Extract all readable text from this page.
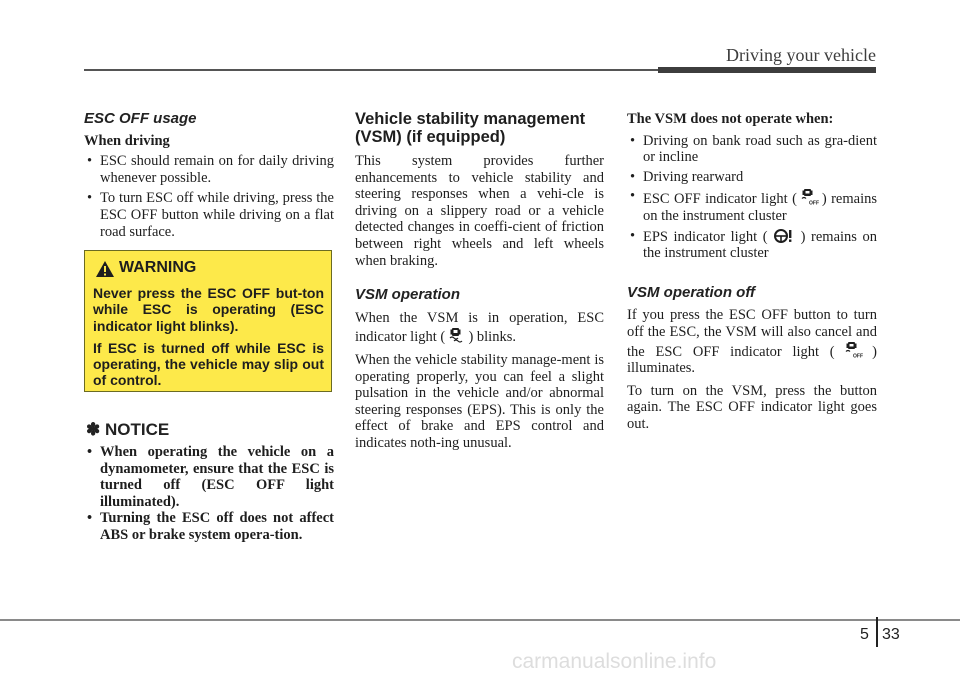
Driving your vehicle
ESC OFF usage
When driving
• ESC should remain on for daily driving whenever possible.
• To turn ESC off while driving, press the ESC OFF button while driving on a flat road surface.
WARNING

Never press the ESC OFF but-ton while ESC is operating (ESC indicator light blinks).

If ESC is turned off while ESC is operating, the vehicle may slip out of control.

✽ NOTICE
• When operating the vehicle on a dynamometer, ensure that the ESC is turned off (ESC OFF light illuminated).
• Turning the ESC off does not affect ABS or brake system opera-tion.
Vehicle stability management (VSM) (if equipped)

This system provides further enhancements to vehicle stability and steering responses when a vehi-cle is driving on a slippery road or a vehicle detected changes in coeffi-cient of friction between right wheels and left wheels when braking.

VSM operation

When the VSM is in operation, ESC indicator light ( ) blinks.

When the vehicle stability manage-ment is operating properly, you can feel a slight pulsation in the vehicle and/or abnormal steering responses (EPS). This is only the effect of brake and EPS control and indicates noth-ing unusual.

The VSM does not operate when:
• Driving on bank road such as gra-dient or incline
• Driving rearward
• ESC OFF indicator light ( OFF ) remains on the instrument cluster
• EPS indicator light ( ) remains on the instrument cluster
VSM operation off

If you press the ESC OFF button to turn off the ESC, the VSM will also cancel and the ESC OFF indicator light (	OFF ) illuminates.

To turn on the VSM, press the button again. The ESC OFF indicator light goes out.

5 33
carmanualsonline.info
